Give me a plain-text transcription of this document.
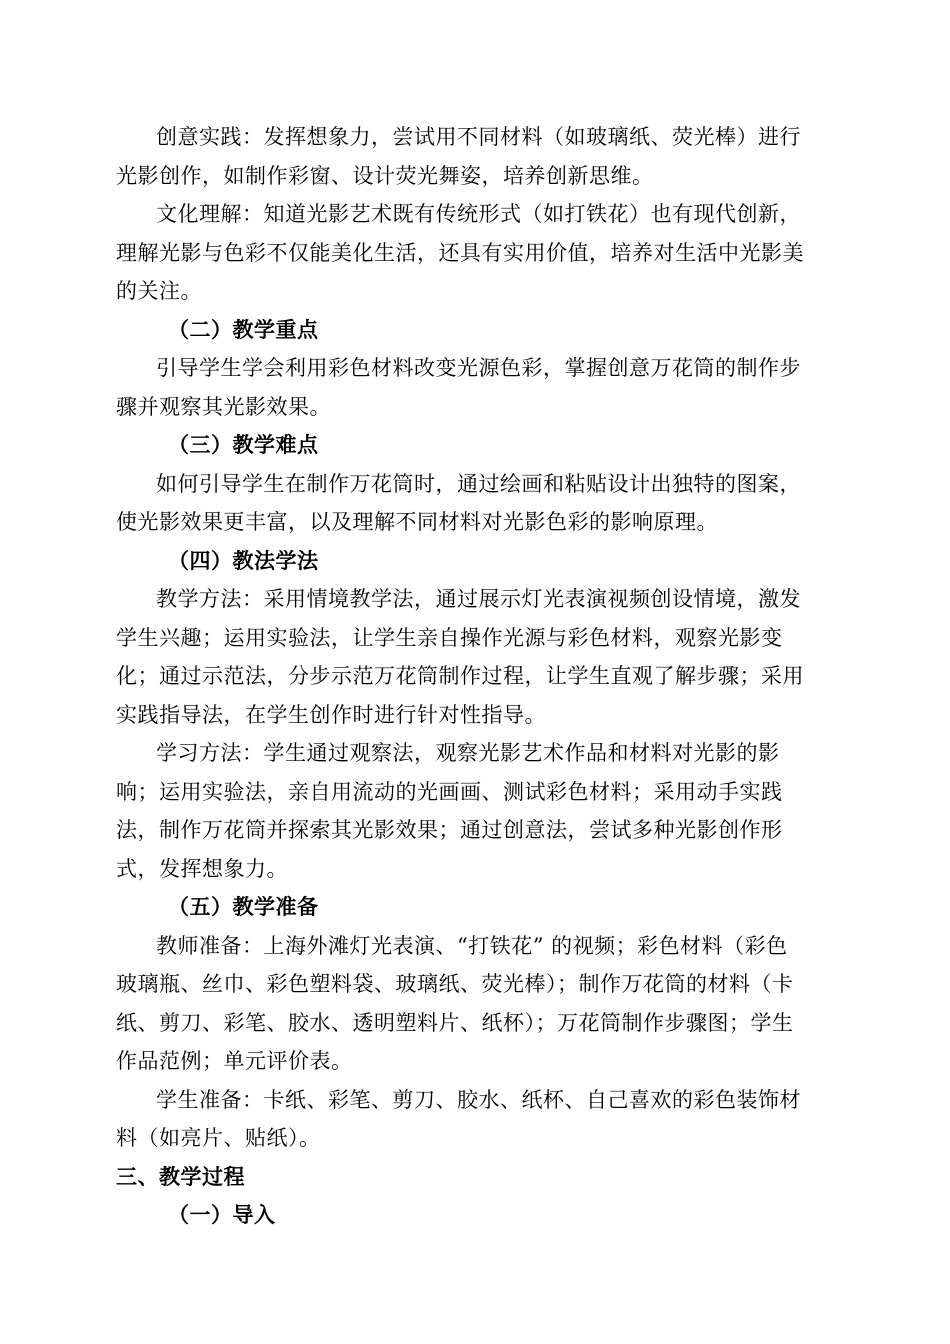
创意实践：发挥想象力，尝试用不同材料（如玻璃纸、荧光棒）进行
光影创作，如制作彩窗、设计荧光舞姿，培养创新思维。

文化理解：知道光影艺术既有传统形式（如打铁花）也有现代创新，
理解光影与色彩不仅能美化生活，还具有实用价值，培养对生活中光影美
的关注。

（二）教学重点

引导学生学会利用彩色材料改变光源色彩，掌握创意万花筒的制作步
骤并观察其光影效果。

（三）教学难点

如何引导学生在制作万花筒时，通过绘画和粘贴设计出独特的图案，
使光影效果更丰富，以及理解不同材料对光影色彩的影响原理。

（四）教法学法

教学方法：采用情境教学法，通过展示灯光表演视频创设情境，激发
学生兴趣；运用实验法，让学生亲自操作光源与彩色材料，观察光影变
化；通过示范法，分步示范万花筒制作过程，让学生直观了解步骤；采用
实践指导法，在学生创作时进行针对性指导。

学习方法：学生通过观察法，观察光影艺术作品和材料对光影的影
响；运用实验法，亲自用流动的光画画、测试彩色材料；采用动手实践
法，制作万花筒并探索其光影效果；通过创意法，尝试多种光影创作形
式，发挥想象力。

（五）教学准备

教师准备：上海外滩灯光表演、“打铁花” 的视频；彩色材料（彩色
玻璃瓶、丝巾、彩色塑料袋、玻璃纸、荧光棒）；制作万花筒的材料（卡
纸、剪刀、彩笔、胶水、透明塑料片、纸杯）；万花筒制作步骤图；学生
作品范例；单元评价表。

学生准备：卡纸、彩笔、剪刀、胶水、纸杯、自己喜欢的彩色装饰材
料（如亮片、贴纸）。

三、教学过程

（一）导入
